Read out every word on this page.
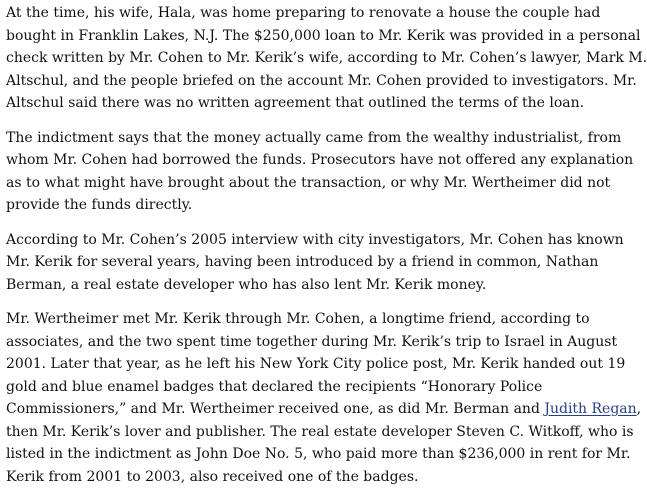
At the time, his wife, Hala, was home preparing to renovate a house the couple had
bought in Franklin Lakes, N.J. The $250,000 loan to Mr. Kerik was provided in a personal
check written by Mr. Cohen to Mr. Kerik’s wife, according to Mr. Cohen’s lawyer, Mark M.
Altschul, and the people briefed on the account Mr. Cohen provided to investigators. Mr.
Altschul said there was no written agreement that outlined the terms of the loan.

The indictment says that the money actually came from the wealthy industrialist, from
whom Mr. Cohen had borrowed the funds. Prosecutors have not offered any explanation
as to what might have brought about the transaction, or why Mr. Wertheimer did not
provide the funds directly.

According to Mr. Cohen’s 2005 interview with city investigators, Mr. Cohen has known
Mr. Kerik for several years, having been introduced by a friend in common, Nathan
Berman, a real estate developer who has also lent Mr. Kerik money.

Mr. Wertheimer met Mr. Kerik through Mr. Cohen, a longtime friend, according to
associates, and the two spent time together during Mr. Kerik’s trip to Israel in August
2001. Later that year, as he left his New York City police post, Mr. Kerik handed out 19
gold and blue enamel badges that declared the recipients “Honorary Police
Commissioners,” and Mr. Wertheimer received one, as did Mr. Berman and Judith Regan,
then Mr. Kerik’s lover and publisher. The real estate developer Steven C. Witkoff, who is
listed in the indictment as John Doe No. 5, who paid more than $236,000 in rent for Mr.
Kerik from 2001 to 2003, also received one of the badges.
